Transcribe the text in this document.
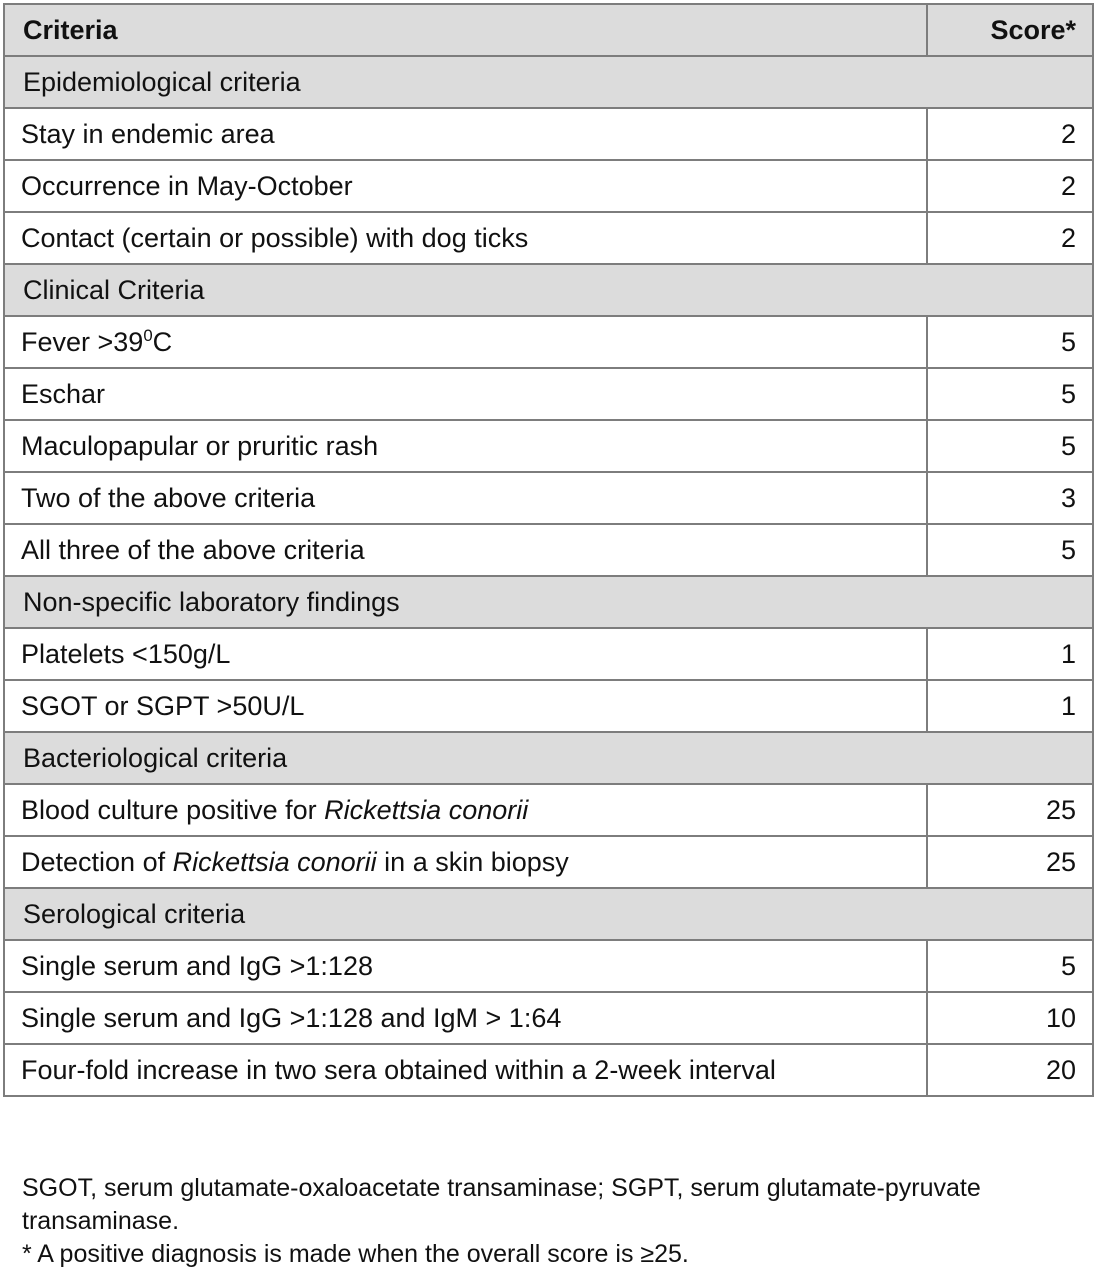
Criteria	Score*
Epidemiological criteria	
Stay in endemic area	2
Occurrence in May-October	2
Contact (certain or possible) with dog ticks	2
Clinical Criteria	
Fever $>39^0C$	5
Eschar	5
Maculopapular or pruritic rash	5
Two of the above criteria	3
All three of the above criteria	5
Non-specific laboratory findings	
Platelets <150g/L	1
SGOT or SGPT >50U/L	1
Bacteriological criteria	
Blood culture positive for Rickettsia conorii	25
Detection of Rickettsia conorii in a skin biopsy	25
Serological criteria	
Single serum and IgG >1:128	5
Single serum and IgG >1:128 and IgM > 1:64	10
Four-fold increase in two sera obtained within a 2-week interval	20

SGOT, serum glutamate-oxaloacetate transaminase; SGPT, serum glutamate-pyruvate transaminase.

* A positive diagnosis is made when the overall score is ≥25.
